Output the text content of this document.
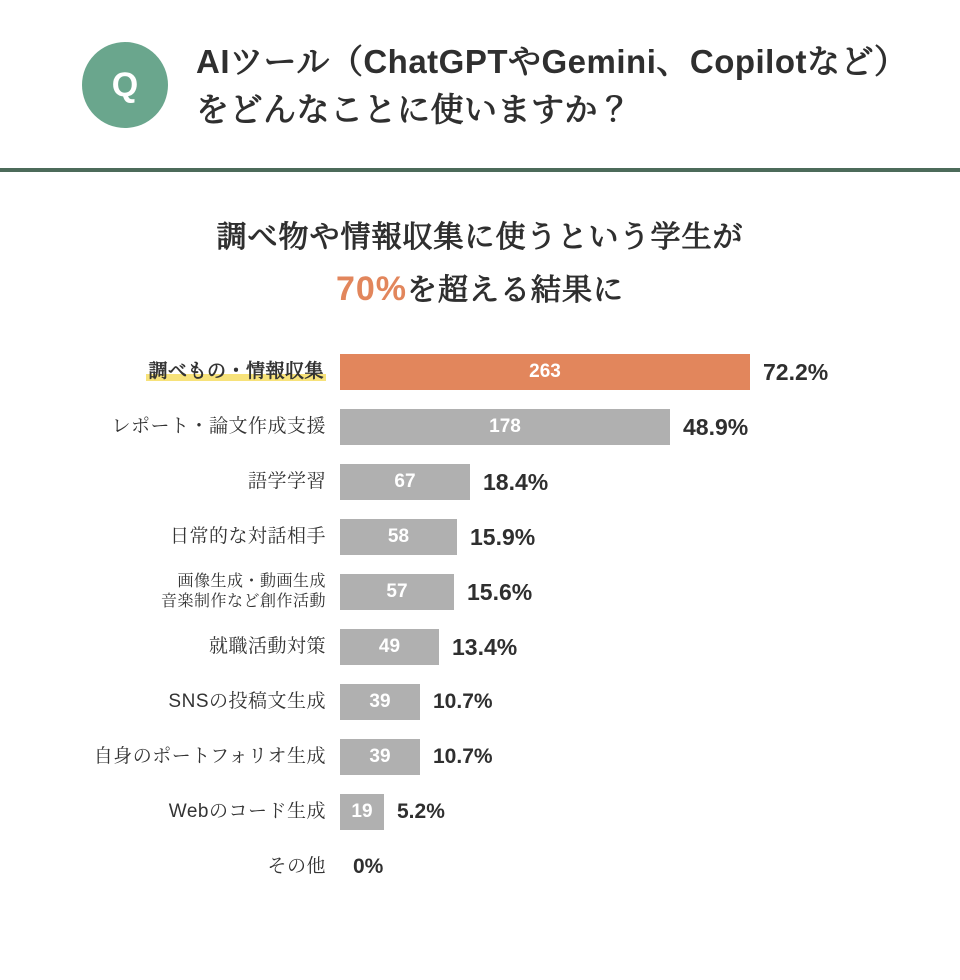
Q
AIツール（ChatGPTやGemini、Copilotなど）をどんなことに使いますか？
調べ物や情報収集に使うという学生が
70%を超える結果に
調べもの・情報収集	263	72.2%
レポート・論文作成支援	178	48.9%
語学学習	67	18.4%
日常的な対話相手	58	15.9%
画像生成・動画生成
音楽制作など創作活動	57	15.6%
就職活動対策	49	13.4%
SNSの投稿文生成	39	10.7%
自身のポートフォリオ生成	39	10.7%
Webのコード生成	19	5.2%
その他	0%
